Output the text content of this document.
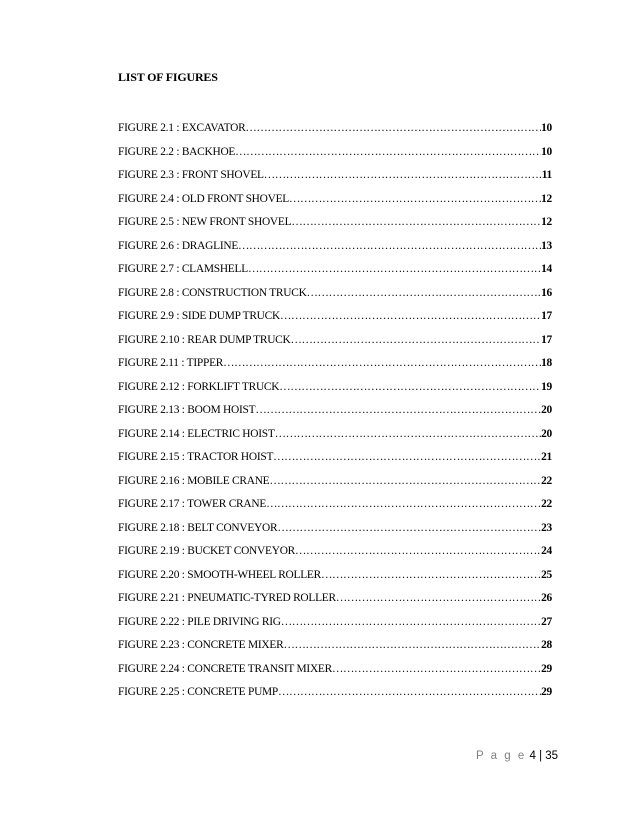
LIST OF FIGURES
FIGURE 2.1 : EXCAVATOR ……………………………………………………………………………………………………………………	10
FIGURE 2.2 : BACKHOE ……………………………………………………………………………………………………………………	10
FIGURE 2.3 : FRONT SHOVEL ……………………………………………………………………………………………………………………	11
FIGURE 2.4 : OLD FRONT SHOVEL ……………………………………………………………………………………………………………………	12
FIGURE 2.5 : NEW FRONT SHOVEL ……………………………………………………………………………………………………………………	12
FIGURE 2.6 : DRAGLINE ……………………………………………………………………………………………………………………	13
FIGURE 2.7 : CLAMSHELL ……………………………………………………………………………………………………………………	14
FIGURE 2.8 : CONSTRUCTION TRUCK ……………………………………………………………………………………………………………………	16
FIGURE 2.9 : SIDE DUMP TRUCK ……………………………………………………………………………………………………………………	17
FIGURE 2.10 : REAR DUMP TRUCK ……………………………………………………………………………………………………………………	17
FIGURE 2.11 : TIPPER ……………………………………………………………………………………………………………………	18
FIGURE 2.12 : FORKLIFT TRUCK ……………………………………………………………………………………………………………………	19
FIGURE 2.13 : BOOM HOIST ……………………………………………………………………………………………………………………	20
FIGURE 2.14 : ELECTRIC HOIST ……………………………………………………………………………………………………………………	20
FIGURE 2.15 : TRACTOR HOIST ……………………………………………………………………………………………………………………	21
FIGURE 2.16 : MOBILE CRANE ……………………………………………………………………………………………………………………	22
FIGURE 2.17 : TOWER CRANE ……………………………………………………………………………………………………………………	22
FIGURE 2.18 : BELT CONVEYOR ……………………………………………………………………………………………………………………	23
FIGURE 2.19 : BUCKET CONVEYOR ……………………………………………………………………………………………………………………	24
FIGURE 2.20 : SMOOTH-WHEEL ROLLER ……………………………………………………………………………………………………………………	25
FIGURE 2.21 : PNEUMATIC-TYRED ROLLER ……………………………………………………………………………………………………………………	26
FIGURE 2.22 : PILE DRIVING RIG ……………………………………………………………………………………………………………………	27
FIGURE 2.23 : CONCRETE MIXER ……………………………………………………………………………………………………………………	28
FIGURE 2.24 : CONCRETE TRANSIT MIXER ……………………………………………………………………………………………………………………	29
FIGURE 2.25 : CONCRETE PUMP ……………………………………………………………………………………………………………………	29
P a g e 4 | 35
